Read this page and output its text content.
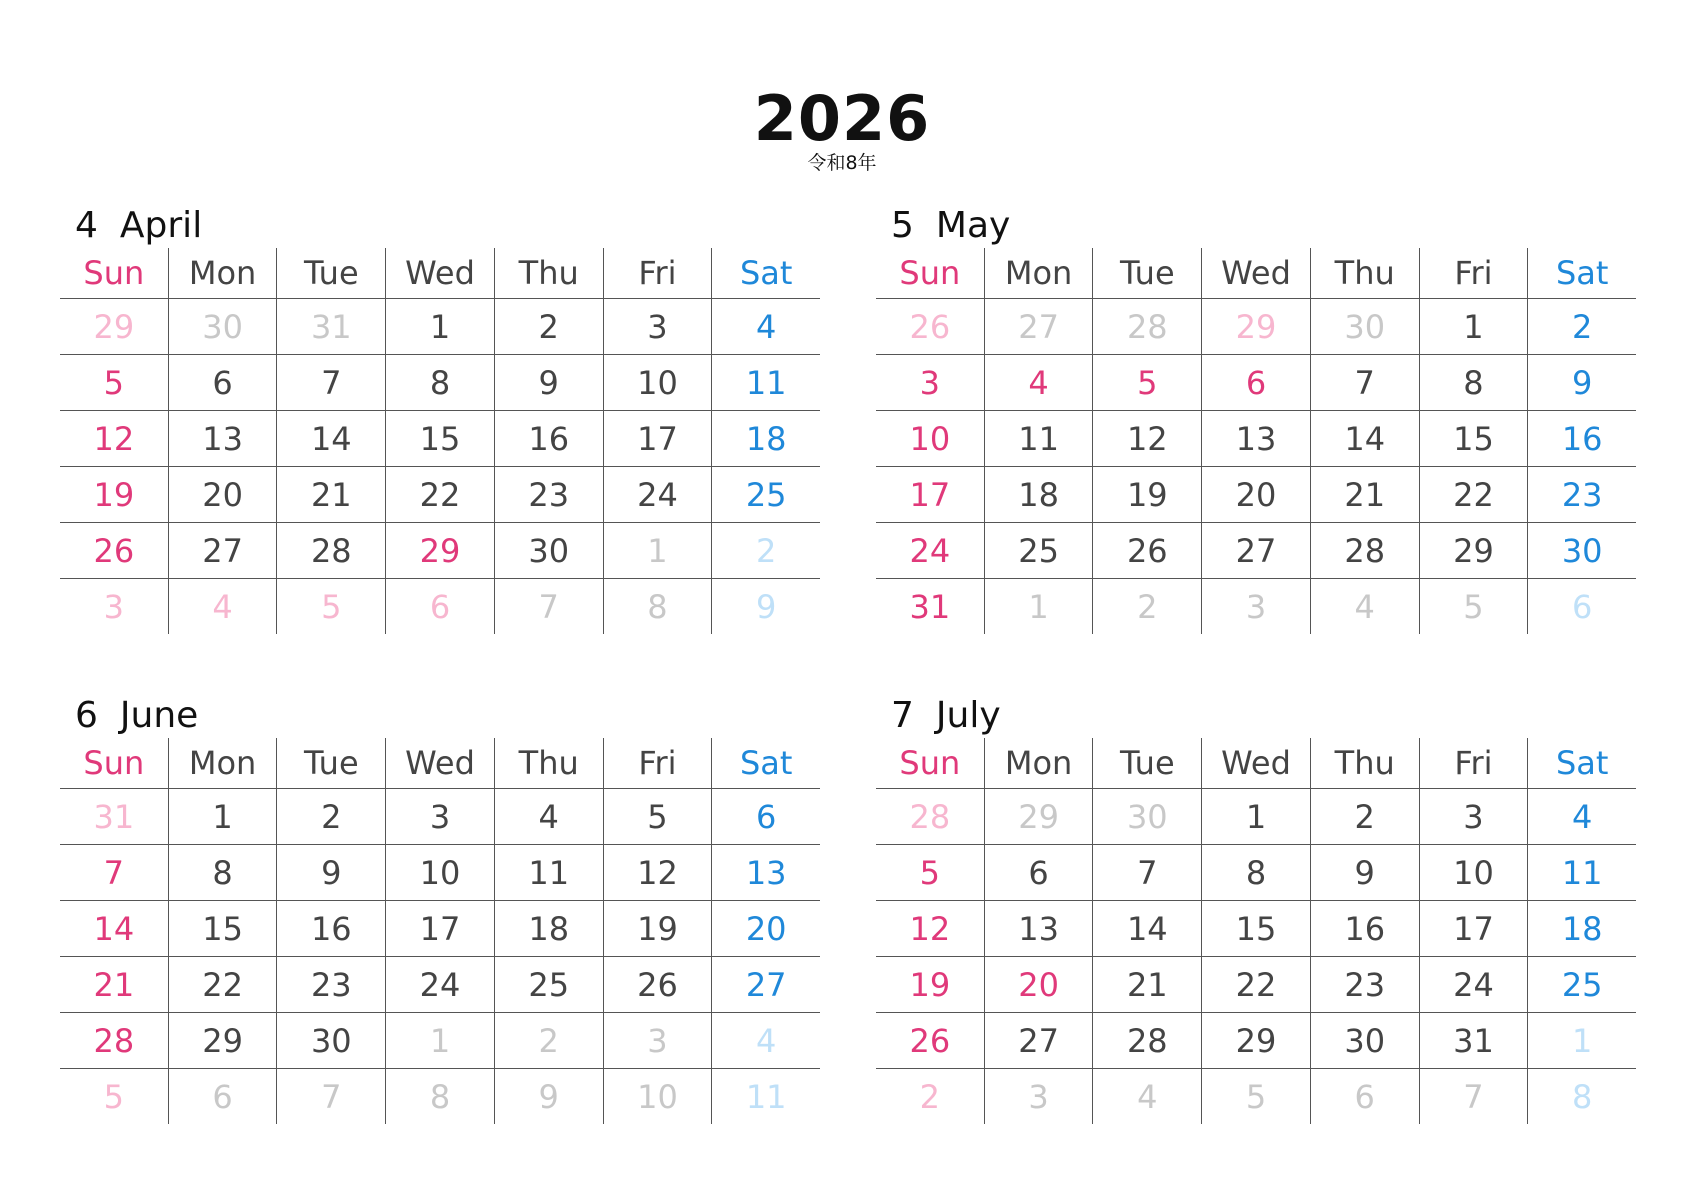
2026
令和8年
4 April
Sun	Mon	Tue	Wed	Thu	Fri	Sat
29	30	31	1	2	3	4
5	6	7	8	9	10	11
12	13	14	15	16	17	18
19	20	21	22	23	24	25
26	27	28	29	30	1	2
3	4	5	6	7	8	9
5 May
Sun	Mon	Tue	Wed	Thu	Fri	Sat
26	27	28	29	30	1	2
3	4	5	6	7	8	9
10	11	12	13	14	15	16
17	18	19	20	21	22	23
24	25	26	27	28	29	30
31	1	2	3	4	5	6
6 June
Sun	Mon	Tue	Wed	Thu	Fri	Sat
31	1	2	3	4	5	6
7	8	9	10	11	12	13
14	15	16	17	18	19	20
21	22	23	24	25	26	27
28	29	30	1	2	3	4
5	6	7	8	9	10	11
7 July
Sun	Mon	Tue	Wed	Thu	Fri	Sat
28	29	30	1	2	3	4
5	6	7	8	9	10	11
12	13	14	15	16	17	18
19	20	21	22	23	24	25
26	27	28	29	30	31	1
2	3	4	5	6	7	8
